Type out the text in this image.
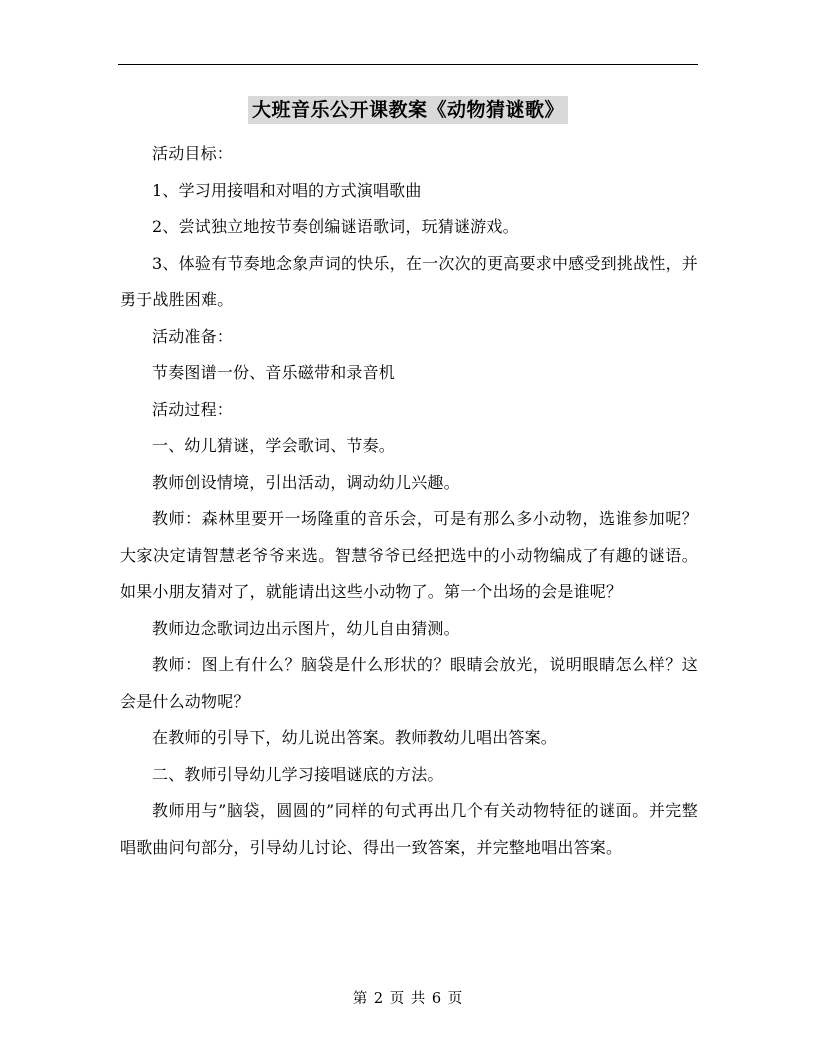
大班音乐公开课教案《动物猜谜歌》

活动目标：

1、学习用接唱和对唱的方式演唱歌曲

2、尝试独立地按节奏创编谜语歌词，玩猜谜游戏。

3、体验有节奏地念象声词的快乐，在一次次的更高要求中感受到挑战性，并勇于战胜困难。

活动准备：

节奏图谱一份、音乐磁带和录音机

活动过程：

一、幼儿猜谜，学会歌词、节奏。

教师创设情境，引出活动，调动幼儿兴趣。

教师：森林里要开一场隆重的音乐会，可是有那么多小动物，选谁参加呢？大家决定请智慧老爷爷来选。智慧爷爷已经把选中的小动物编成了有趣的谜语。如果小朋友猜对了，就能请出这些小动物了。第一个出场的会是谁呢？

教师边念歌词边出示图片，幼儿自由猜测。

教师：图上有什么？脑袋是什么形状的？眼睛会放光，说明眼睛怎么样？这会是什么动物呢？

在教师的引导下，幼儿说出答案。教师教幼儿唱出答案。

二、教师引导幼儿学习接唱谜底的方法。

教师用与”脑袋，圆圆的”同样的句式再出几个有关动物特征的谜面。并完整唱歌曲问句部分，引导幼儿讨论、得出一致答案，并完整地唱出答案。

第 2 页 共 6 页
